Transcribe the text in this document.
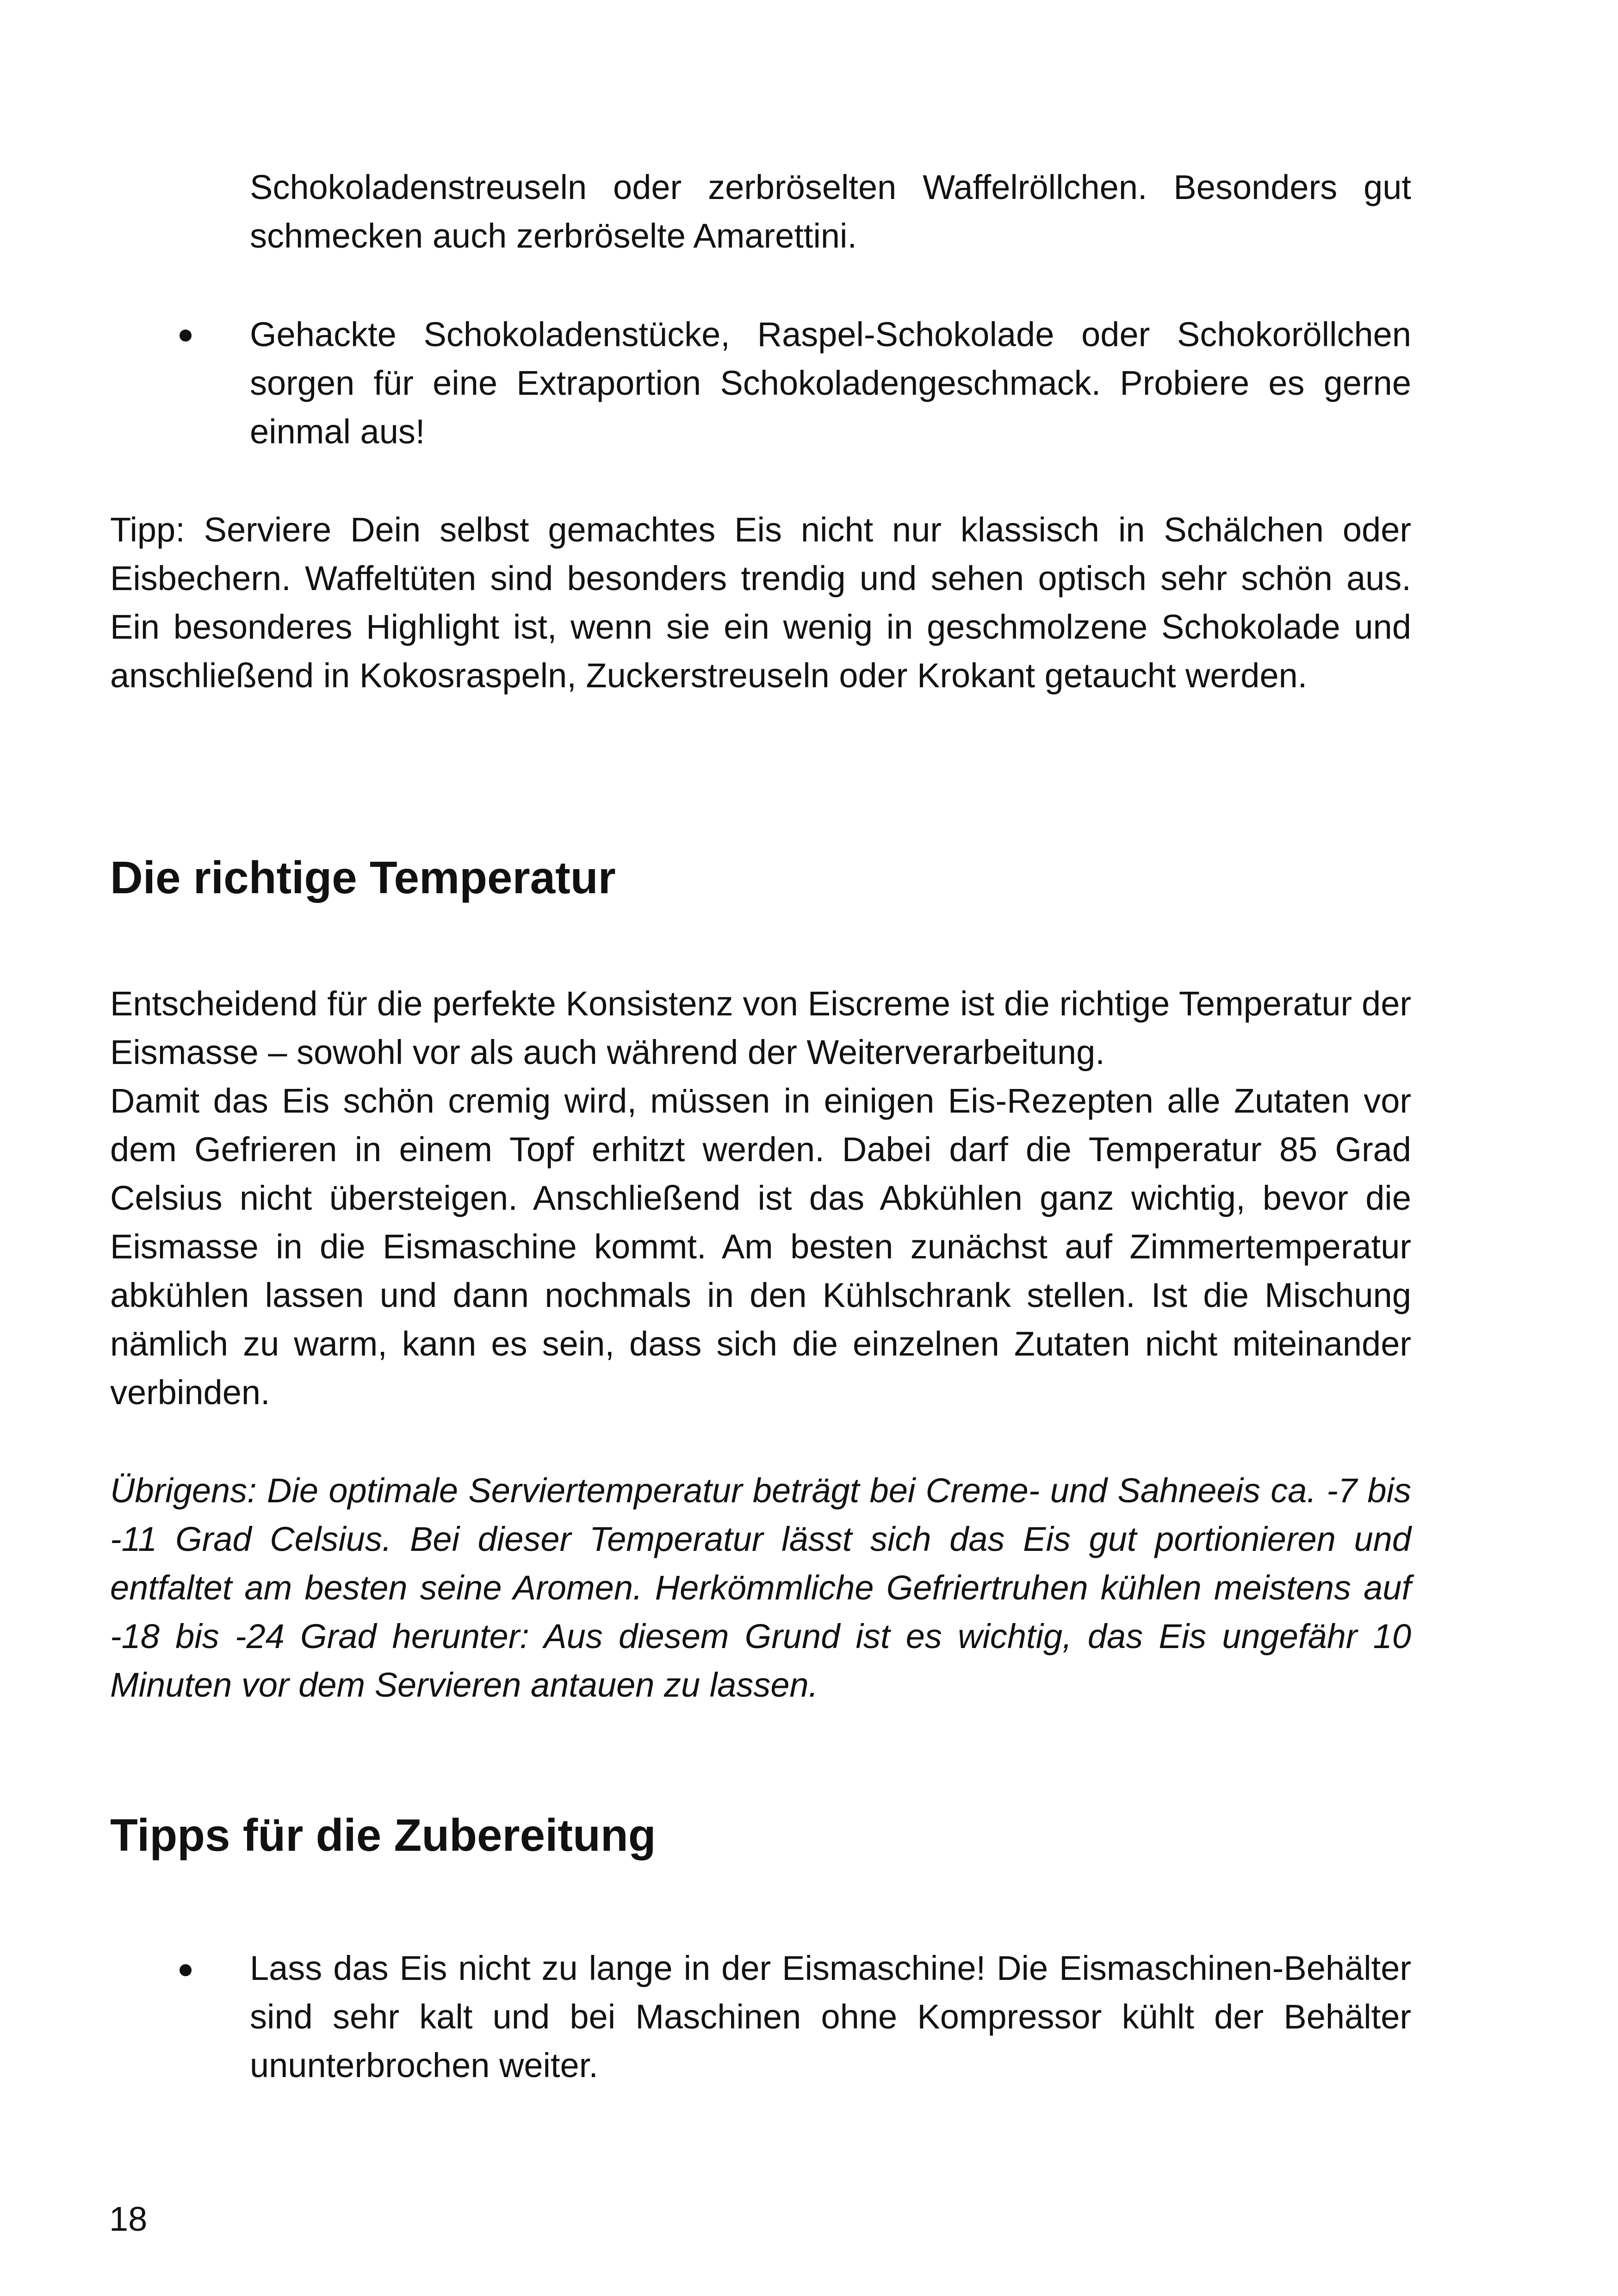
Schokoladenstreuseln oder zerbröselten Waffelröllchen. Besonders gut schmecken auch zerbröselte Amarettini.
Gehackte Schokoladenstücke, Raspel-Schokolade oder Schokoröllchen sorgen für eine Extraportion Schokoladengeschmack. Probiere es gerne einmal aus!
Tipp: Serviere Dein selbst gemachtes Eis nicht nur klassisch in Schälchen oder Eisbechern. Waffeltüten sind besonders trendig und sehen optisch sehr schön aus. Ein besonderes Highlight ist, wenn sie ein wenig in geschmolzene Schokolade und anschließend in Kokosraspeln, Zuckerstreuseln oder Krokant getaucht werden.
Die richtige Temperatur
Entscheidend für die perfekte Konsistenz von Eiscreme ist die richtige Temperatur der Eismasse – sowohl vor als auch während der Weiterverarbeitung.
Damit das Eis schön cremig wird, müssen in einigen Eis-Rezepten alle Zutaten vor dem Gefrieren in einem Topf erhitzt werden. Dabei darf die Temperatur 85 Grad Celsius nicht übersteigen. Anschließend ist das Abkühlen ganz wichtig, bevor die Eismasse in die Eismaschine kommt. Am besten zunächst auf Zimmertemperatur abkühlen lassen und dann nochmals in den Kühlschrank stellen. Ist die Mischung nämlich zu warm, kann es sein, dass sich die einzelnen Zutaten nicht miteinander verbinden.
Übrigens: Die optimale Serviertemperatur beträgt bei Creme- und Sahneeis ca. -7 bis -11 Grad Celsius. Bei dieser Temperatur lässt sich das Eis gut portionieren und entfaltet am besten seine Aromen. Herkömmliche Gefriertruhen kühlen meistens auf -18 bis -24 Grad herunter: Aus diesem Grund ist es wichtig, das Eis ungefähr 10 Minuten vor dem Servieren antauen zu lassen.
Tipps für die Zubereitung
Lass das Eis nicht zu lange in der Eismaschine! Die Eismaschinen-Behälter sind sehr kalt und bei Maschinen ohne Kompressor kühlt der Behälter ununterbrochen weiter.
18
